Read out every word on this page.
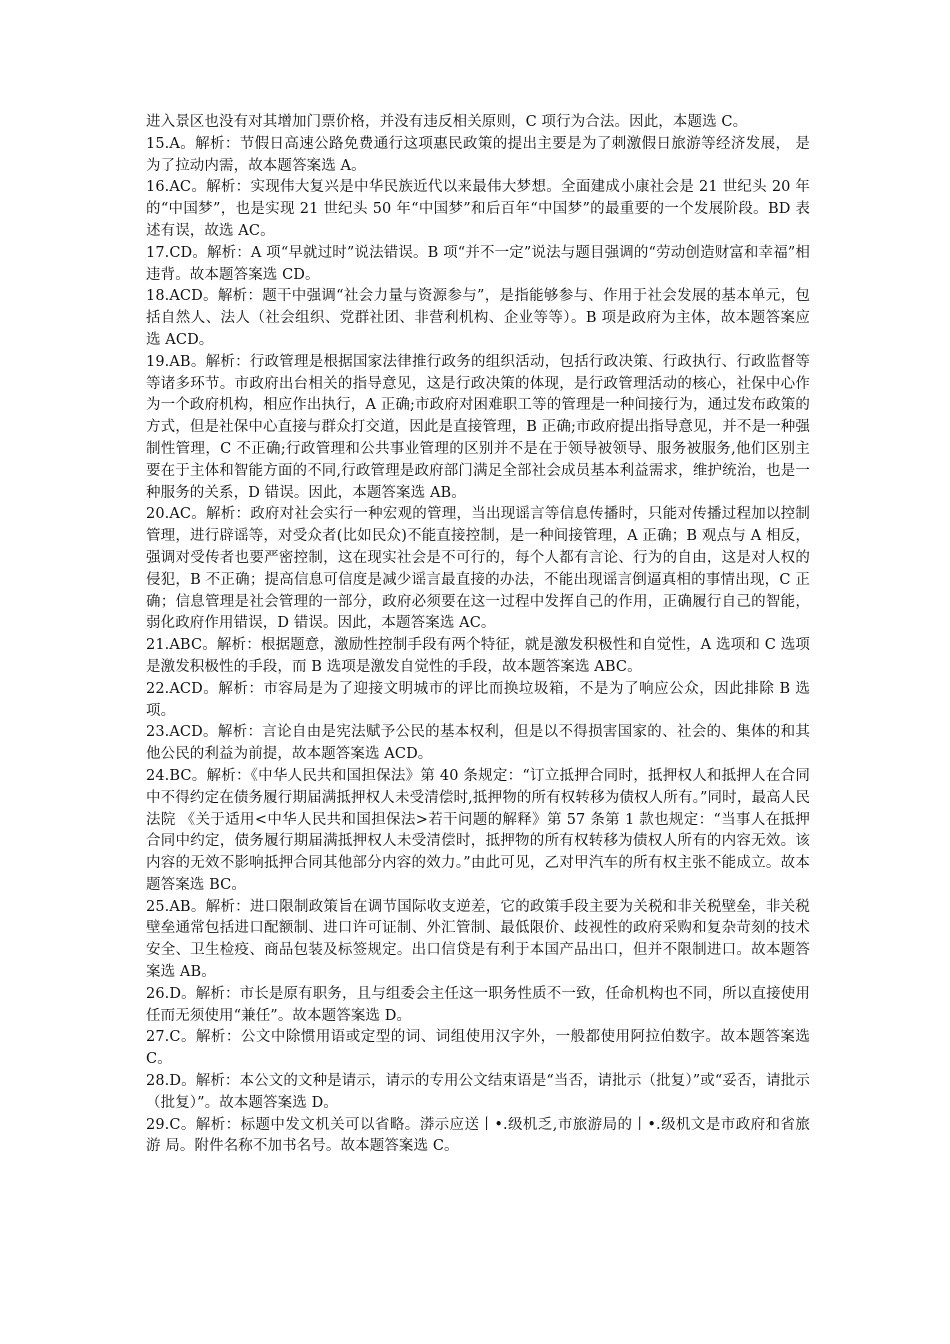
进入景区也没有对其增加门票价格，并没有违反相关原则，C 项行为合法。因此，本题选 C。

15.A。解析：节假日高速公路免费通行这项惠民政策的提出主要是为了刺激假日旅游等经济发展， 是为了拉动内需，故本题答案选 A。

16.AC。解析：实现伟大复兴是中华民族近代以来最伟大梦想。全面建成小康社会是 21 世纪头 20 年的“中国梦”，也是实现 21 世纪头 50 年“中国梦”和后百年“中国梦”的最重要的一个发展阶段。BD 表述有误，故选 AC。

17.CD。解析：A 项“早就过时”说法错误。B 项“并不一定”说法与题目强调的“劳动创造财富和幸福”相违背。故本题答案选 CD。

18.ACD。解析：题干中强调“社会力量与资源参与”，是指能够参与、作用于社会发展的基本单元，包括自然人、法人（社会组织、党群社团、非营利机构、企业等等）。B 项是政府为主体，故本题答案应选 ACD。

19.AB。解析：行政管理是根据国家法律推行政务的组织活动，包括行政决策、行政执行、行政监督等等诸多环节。市政府出台相关的指导意见，这是行政决策的体现，是行政管理活动的核心，社保中心作为一个政府机构，相应作出执行，A 正确;市政府对困难职工等的管理是一种间接行为，通过发布政策的方式，但是社保中心直接与群众打交道，因此是直接管理，B 正确;市政府提出指导意见，并不是一种强制性管理，C 不正确;行政管理和公共事业管理的区别并不是在于领导被领导、服务被服务,他们区别主要在于主体和智能方面的不同,行政管理是政府部门满足全部社会成员基本利益需求，维护统治，也是一种服务的关系，D 错误。因此，本题答案选 AB。

20.AC。解析：政府对社会实行一种宏观的管理，当出现谣言等信息传播时，只能对传播过程加以控制管理，进行辟谣等，对受众者(比如民众)不能直接控制，是一种间接管理，A 正确；B 观点与 A 相反，强调对受传者也要严密控制，这在现实社会是不可行的，每个人都有言论、行为的自由，这是对人权的侵犯，B 不正确；提高信息可信度是减少谣言最直接的办法，不能出现谣言倒逼真相的事情出现，C 正确；信息管理是社会管理的一部分，政府必须要在这一过程中发挥自己的作用，正确履行自己的智能，弱化政府作用错误，D 错误。因此，本题答案选 AC。

21.ABC。解析：根据题意，激励性控制手段有两个特征，就是激发积极性和自觉性，A 选项和 C 选项是激发积极性的手段，而 B 选项是激发自觉性的手段，故本题答案选 ABC。

22.ACD。解析：市容局是为了迎接文明城市的评比而换垃圾箱，不是为了响应公众，因此排除 B 选项。

23.ACD。解析：言论自由是宪法赋予公民的基本权利，但是以不得损害国家的、社会的、集体的和其他公民的利益为前提，故本题答案选 ACD。

24.BC。解析：《中华人民共和国担保法》第 40 条规定：“订立抵押合同时，抵押权人和抵押人在合同中不得约定在债务履行期届满抵押权人未受清偿时,抵押物的所有权转移为债权人所有。”同时，最高人民法院 《关于适用<中华人民共和国担保法>若干问题的解释》第 57 条第 1 款也规定：“当事人在抵押合同中约定，债务履行期届满抵押权人未受清偿时，抵押物的所有权转移为债权人所有的内容无效。该内容的无效不影响抵押合同其他部分内容的效力。”由此可见，乙对甲汽车的所有权主张不能成立。故本题答案选 BC。

25.AB。解析：进口限制政策旨在调节国际收支逆差，它的政策手段主要为关税和非关税壁垒，非关税壁垒通常包括进口配额制、进口许可证制、外汇管制、最低限价、歧视性的政府采购和复杂苛刻的技术安全、卫生检疫、商品包装及标签规定。出口信贷是有利于本国产品出口，但并不限制进口。故本题答案选 AB。

26.D。解析：市长是原有职务，且与组委会主任这一职务性质不一致，任命机构也不同，所以直接使用任而无须使用“兼任”。故本题答案选 D。

27.C。解析：公文中除惯用语或定型的词、词组使用汉字外，一般都使用阿拉伯数字。故本题答案选 C。

28.D。解析：本公文的文种是请示，请示的专用公文结束语是“当否，请批示（批复）”或“妥否，请批示（批复）”。故本题答案选 D。

29.C。解析：标题中发文机关可以省略。漭示应送丨•.级机乏,市旅游局的丨•.级机文是市政府和省旅游 局。附件名称不加书名号。故本题答案选 C。
